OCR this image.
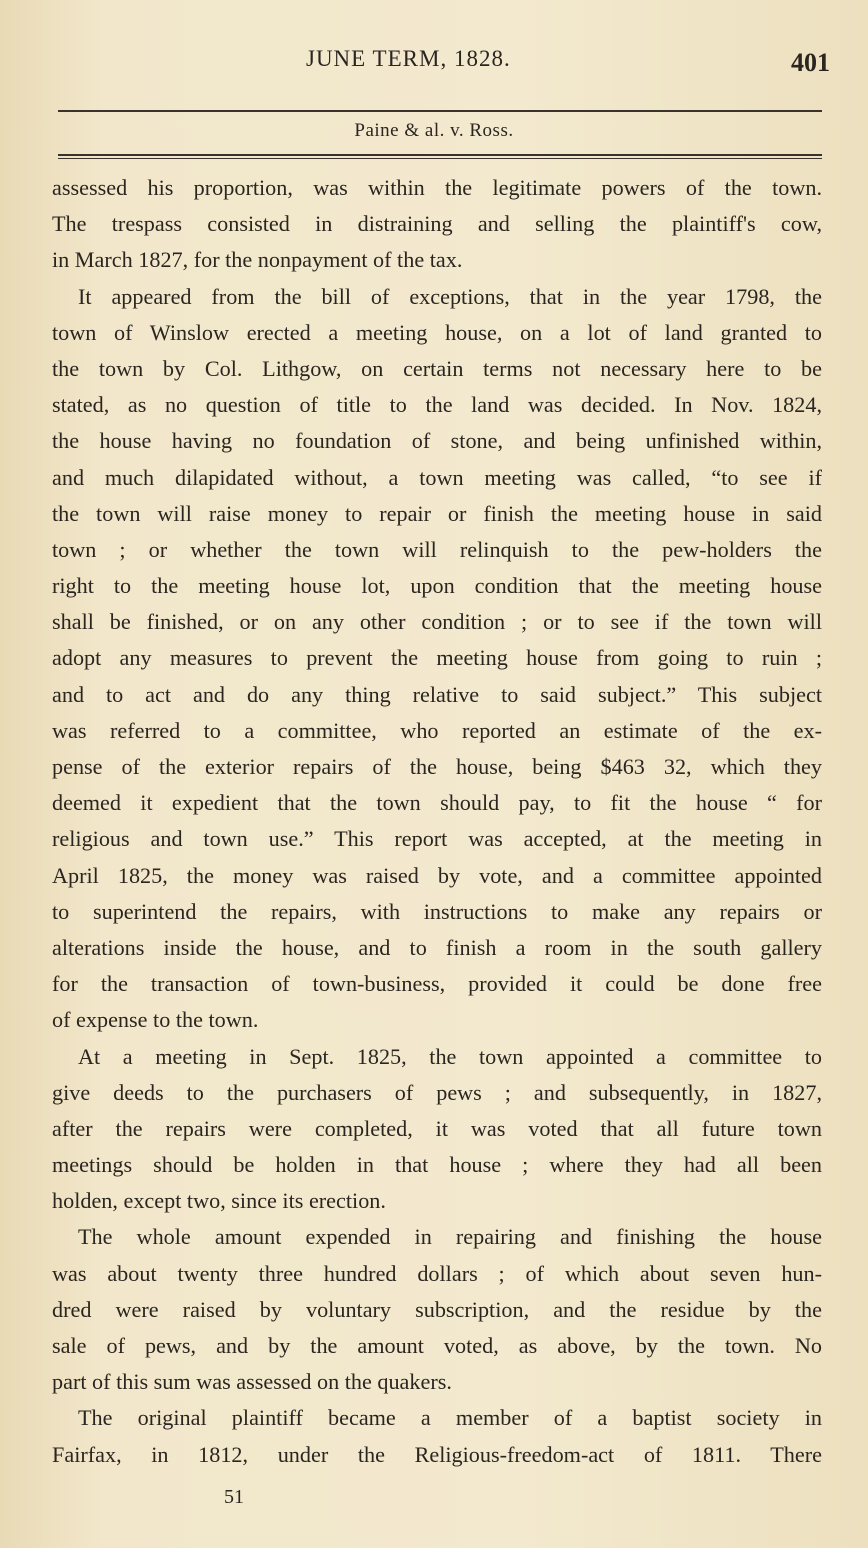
JUNE TERM, 1828.	401
Paine & al. v. Ross.
assessed his proportion, was within the legitimate powers of the town.
The trespass consisted in distraining and selling the plaintiff's cow,
in March 1827, for the nonpayment of the tax.
It appeared from the bill of exceptions, that in the year 1798, the
town of Winslow erected a meeting house, on a lot of land granted to
the town by Col. Lithgow, on certain terms not necessary here to be
stated, as no question of title to the land was decided. In Nov. 1824,
the house having no foundation of stone, and being unfinished within,
and much dilapidated without, a town meeting was called, “to see if
the town will raise money to repair or finish the meeting house in said
town ; or whether the town will relinquish to the pew-holders the
right to the meeting house lot, upon condition that the meeting house
shall be finished, or on any other condition ; or to see if the town will
adopt any measures to prevent the meeting house from going to ruin ;
and to act and do any thing relative to said subject.” This subject
was referred to a committee, who reported an estimate of the ex-
pense of the exterior repairs of the house, being $463 32, which they
deemed it expedient that the town should pay, to fit the house “ for
religious and town use.” This report was accepted, at the meeting in
April 1825, the money was raised by vote, and a committee appointed
to superintend the repairs, with instructions to make any repairs or
alterations inside the house, and to finish a room in the south gallery
for the transaction of town-business, provided it could be done free
of expense to the town.
At a meeting in Sept. 1825, the town appointed a committee to
give deeds to the purchasers of pews ; and subsequently, in 1827,
after the repairs were completed, it was voted that all future town
meetings should be holden in that house ; where they had all been
holden, except two, since its erection.
The whole amount expended in repairing and finishing the house
was about twenty three hundred dollars ; of which about seven hun-
dred were raised by voluntary subscription, and the residue by the
sale of pews, and by the amount voted, as above, by the town. No
part of this sum was assessed on the quakers.
The original plaintiff became a member of a baptist society in
Fairfax, in 1812, under the Religious-freedom-act of 1811. There
51
